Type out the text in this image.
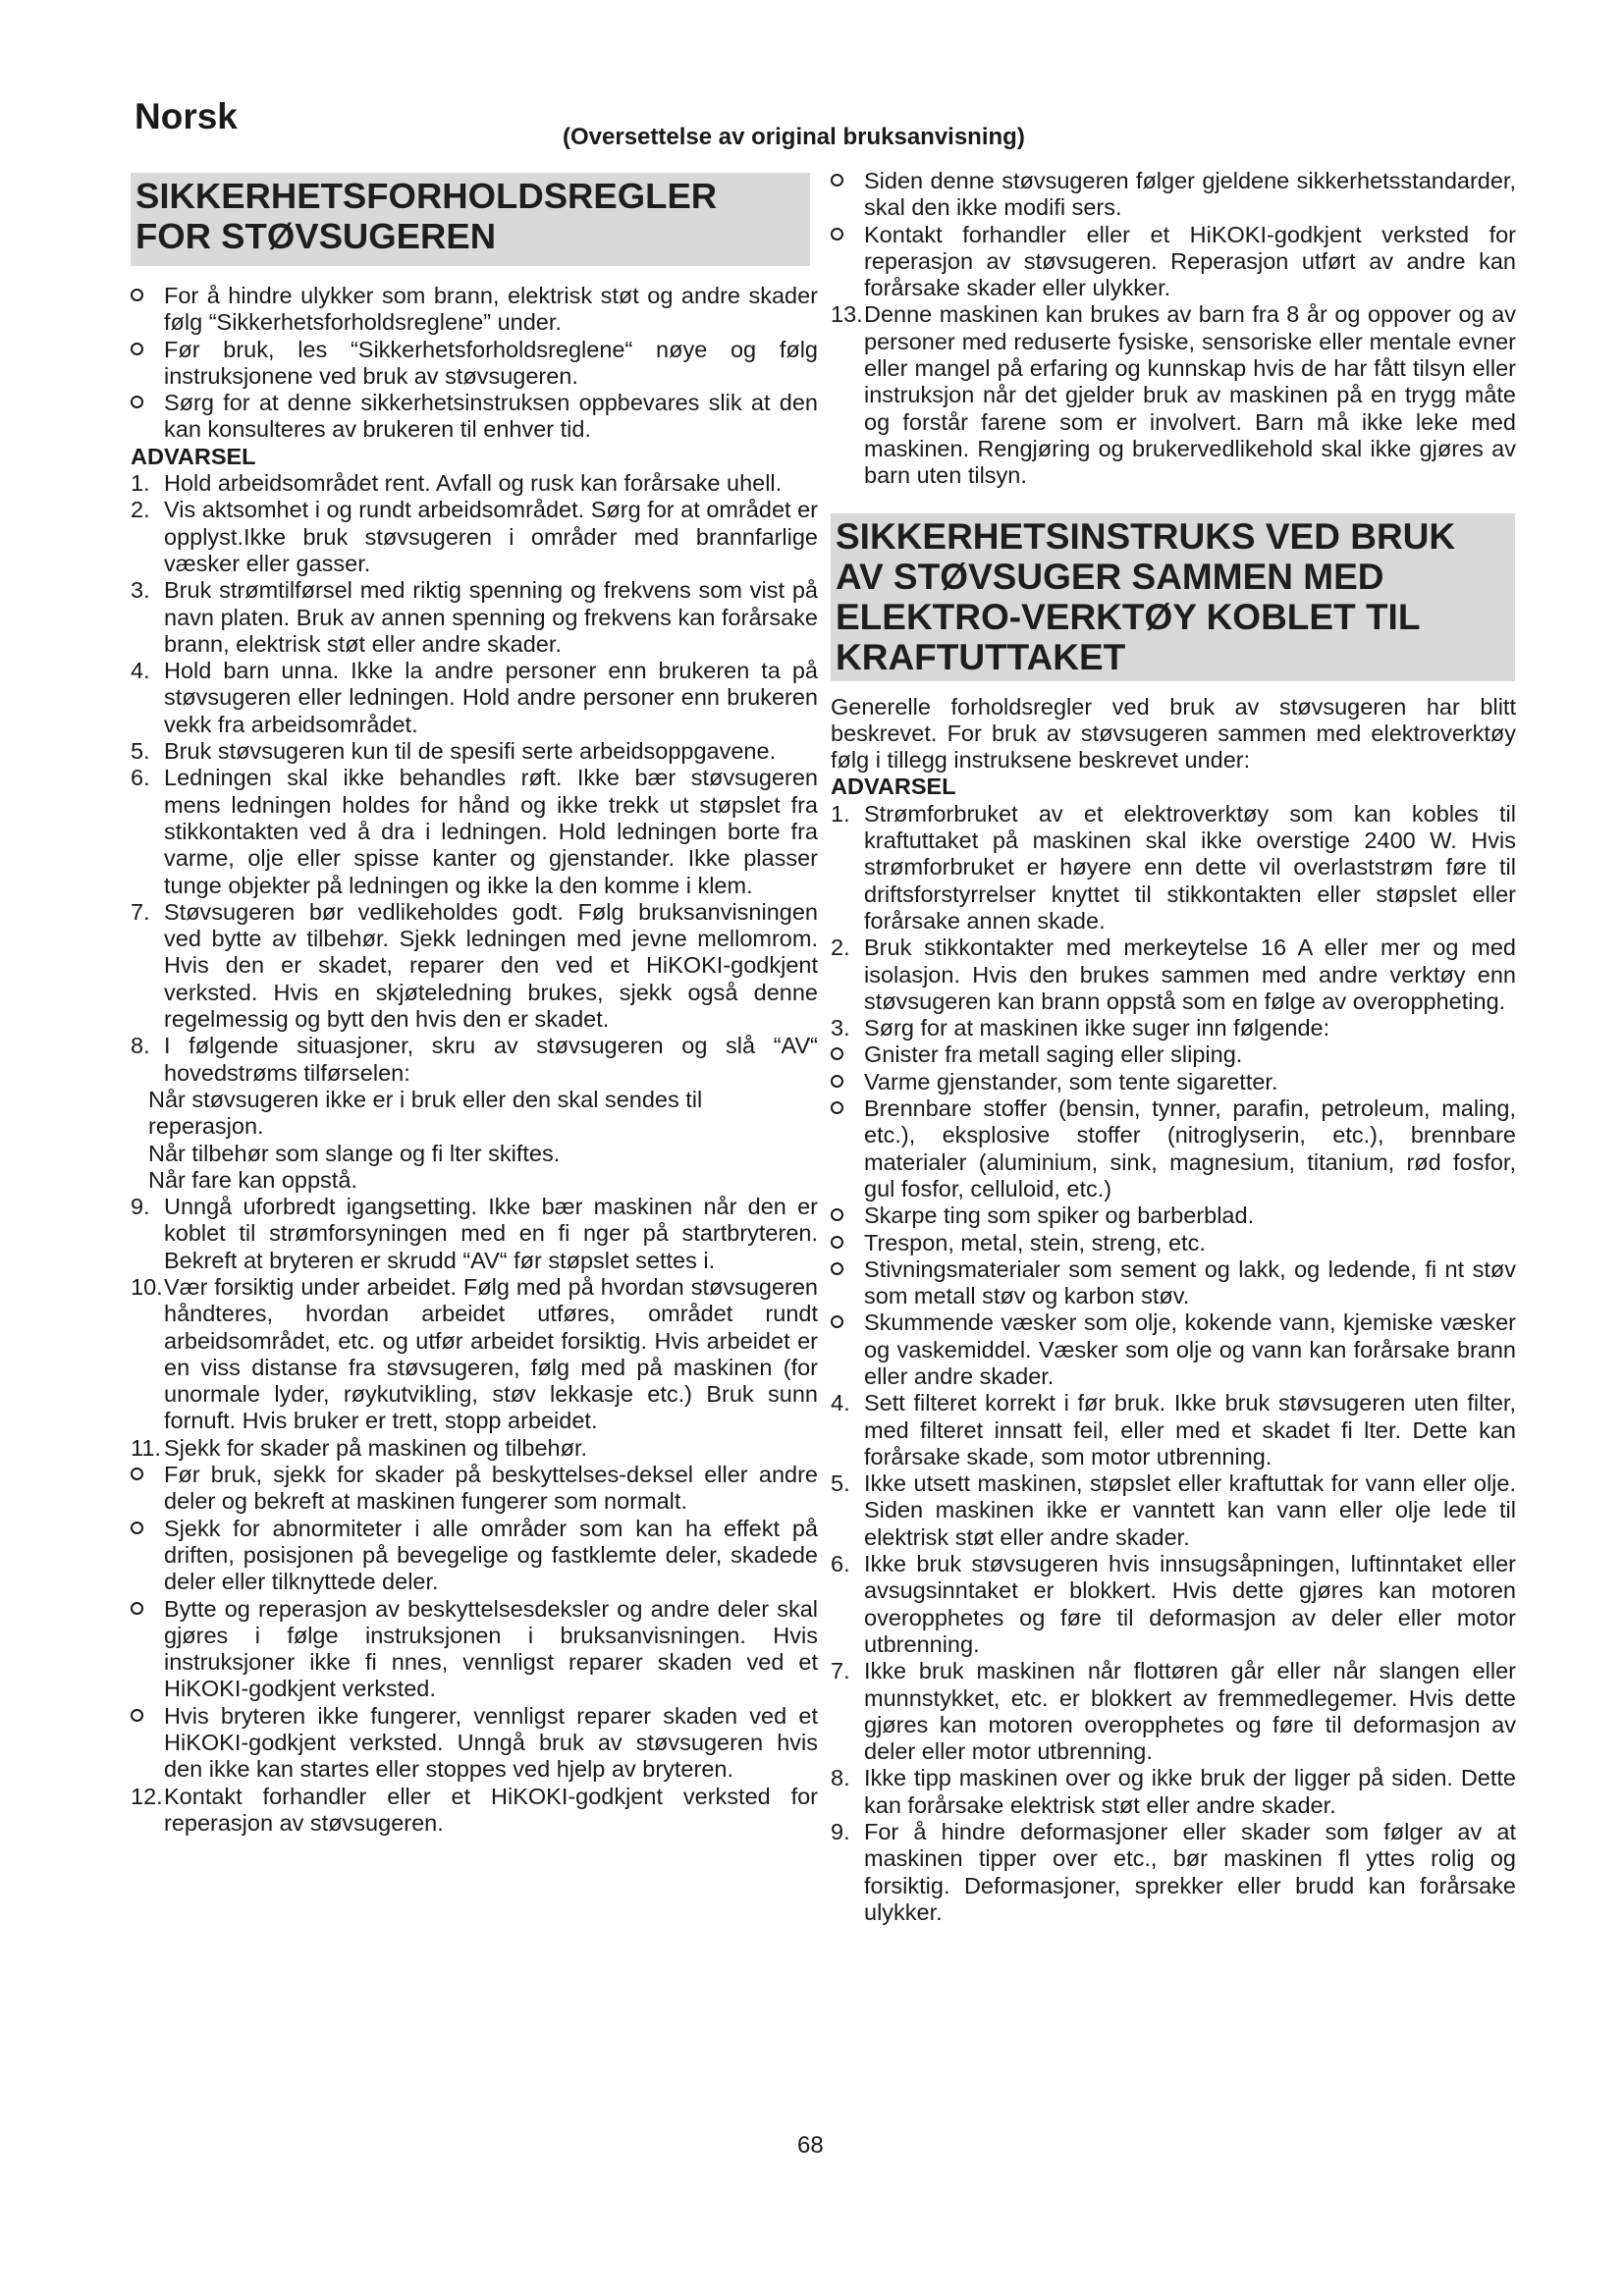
Norsk

(Oversettelse av original bruksanvisning)

SIKKERHETSFORHOLDSREGLER
FOR STØVSUGEREN

For å hindre ulykker som brann, elektrisk støt og andre skader følg “Sikkerhetsforholdsreglene” under.

Før bruk, les “Sikkerhetsforholdsreglene“ nøye og følg instruksjonene ved bruk av støvsugeren.

Sørg for at denne sikkerhetsinstruksen oppbevares slik at den kan konsulteres av brukeren til enhver tid.

ADVARSEL

1. Hold arbeidsområdet rent. Avfall og rusk kan forårsake uhell.

2. Vis aktsomhet i og rundt arbeidsområdet. Sørg for at området er opplyst.Ikke bruk støvsugeren i områder med brannfarlige væsker eller gasser.

3. Bruk strømtilførsel med riktig spenning og frekvens som vist på navn platen. Bruk av annen spenning og frekvens kan forårsake brann, elektrisk støt eller andre skader.

4. Hold barn unna. Ikke la andre personer enn brukeren ta på støvsugeren eller ledningen. Hold andre personer enn brukeren vekk fra arbeidsområdet.

5. Bruk støvsugeren kun til de spesifi serte arbeidsoppgavene.

6. Ledningen skal ikke behandles røft. Ikke bær støvsugeren mens ledningen holdes for hånd og ikke trekk ut støpslet fra stikkontakten ved å dra i ledningen. Hold ledningen borte fra varme, olje eller spisse kanter og gjenstander. Ikke plasser tunge objekter på ledningen og ikke la den komme i klem.

7. Støvsugeren bør vedlikeholdes godt. Følg bruksanvisningen ved bytte av tilbehør. Sjekk ledningen med jevne mellomrom. Hvis den er skadet, reparer den ved et HiKOKI-godkjent verksted. Hvis en skjøteledning brukes, sjekk også denne regelmessig og bytt den hvis den er skadet.

8. I følgende situasjoner, skru av støvsugeren og slå “AV“ hovedstrøms tilførselen:

Når støvsugeren ikke er i bruk eller den skal sendes til reperasjon.

Når tilbehør som slange og fi lter skiftes.

Når fare kan oppstå.

9. Unngå uforbredt igangsetting. Ikke bær maskinen når den er koblet til strømforsyningen med en fi nger på startbryteren. Bekreft at bryteren er skrudd “AV“ før støpslet settes i.

10. Vær forsiktig under arbeidet. Følg med på hvordan støvsugeren håndteres, hvordan arbeidet utføres, området rundt arbeidsområdet, etc. og utfør arbeidet forsiktig. Hvis arbeidet er en viss distanse fra støvsugeren, følg med på maskinen (for unormale lyder, røykutvikling, støv lekkasje etc.) Bruk sunn fornuft. Hvis bruker er trett, stopp arbeidet.

11. Sjekk for skader på maskinen og tilbehør.

Før bruk, sjekk for skader på beskyttelses-deksel eller andre deler og bekreft at maskinen fungerer som normalt.

Sjekk for abnormiteter i alle områder som kan ha effekt på driften, posisjonen på bevegelige og fastklemte deler, skadede deler eller tilknyttede deler.

Bytte og reperasjon av beskyttelsesdeksler og andre deler skal gjøres i følge instruksjonen i bruksanvisningen. Hvis instruksjoner ikke fi nnes, vennligst reparer skaden ved et HiKOKI-godkjent verksted.

Hvis bryteren ikke fungerer, vennligst reparer skaden ved et HiKOKI-godkjent verksted. Unngå bruk av støvsugeren hvis den ikke kan startes eller stoppes ved hjelp av bryteren.

12. Kontakt forhandler eller et HiKOKI-godkjent verksted for reperasjon av støvsugeren.

Siden denne støvsugeren følger gjeldene sikkerhetsstandarder, skal den ikke modifi sers.

Kontakt forhandler eller et HiKOKI-godkjent verksted for reperasjon av støvsugeren. Reperasjon utført av andre kan forårsake skader eller ulykker.

13. Denne maskinen kan brukes av barn fra 8 år og oppover og av personer med reduserte fysiske, sensoriske eller mentale evner eller mangel på erfaring og kunnskap hvis de har fått tilsyn eller instruksjon når det gjelder bruk av maskinen på en trygg måte og forstår farene som er involvert. Barn må ikke leke med maskinen. Rengjøring og brukervedlikehold skal ikke gjøres av barn uten tilsyn.

SIKKERHETSINSTRUKS VED BRUK
AV STØVSUGER SAMMEN MED
ELEKTRO-VERKTØY KOBLET TIL
KRAFTUTTAKET

Generelle forholdsregler ved bruk av støvsugeren har blitt beskrevet. For bruk av støvsugeren sammen med elektroverktøy følg i tillegg instruksene beskrevet under:

ADVARSEL

1. Strømforbruket av et elektroverktøy som kan kobles til kraftuttaket på maskinen skal ikke overstige 2400 W. Hvis strømforbruket er høyere enn dette vil overlaststrøm føre til driftsforstyrrelser knyttet til stikkontakten eller støpslet eller forårsake annen skade.

2. Bruk stikkontakter med merkeytelse 16 A eller mer og med isolasjon. Hvis den brukes sammen med andre verktøy enn støvsugeren kan brann oppstå som en følge av overoppheting.

3. Sørg for at maskinen ikke suger inn følgende:

Gnister fra metall saging eller sliping.

Varme gjenstander, som tente sigaretter.

Brennbare stoffer (bensin, tynner, parafin, petroleum, maling, etc.), eksplosive stoffer (nitroglyserin, etc.), brennbare materialer (aluminium, sink, magnesium, titanium, rød fosfor, gul fosfor, celluloid, etc.)

Skarpe ting som spiker og barberblad.

Trespon, metal, stein, streng, etc.

Stivningsmaterialer som sement og lakk, og ledende, fi nt støv som metall støv og karbon støv.

Skummende væsker som olje, kokende vann, kjemiske væsker og vaskemiddel. Væsker som olje og vann kan forårsake brann eller andre skader.

4. Sett filteret korrekt i før bruk. Ikke bruk støvsugeren uten filter, med filteret innsatt feil, eller med et skadet fi lter. Dette kan forårsake skade, som motor utbrenning.

5. Ikke utsett maskinen, støpslet eller kraftuttak for vann eller olje. Siden maskinen ikke er vanntett kan vann eller olje lede til elektrisk støt eller andre skader.

6. Ikke bruk støvsugeren hvis innsugsåpningen, luftinntaket eller avsugsinntaket er blokkert. Hvis dette gjøres kan motoren overopphetes og føre til deformasjon av deler eller motor utbrenning.

7. Ikke bruk maskinen når flottøren går eller når slangen eller munnstykket, etc. er blokkert av fremmedlegemer. Hvis dette gjøres kan motoren overopphetes og føre til deformasjon av deler eller motor utbrenning.

8. Ikke tipp maskinen over og ikke bruk der ligger på siden. Dette kan forårsake elektrisk støt eller andre skader.

9. For å hindre deformasjoner eller skader som følger av at maskinen tipper over etc., bør maskinen fl yttes rolig og forsiktig. Deformasjoner, sprekker eller brudd kan forårsake ulykker.

68
